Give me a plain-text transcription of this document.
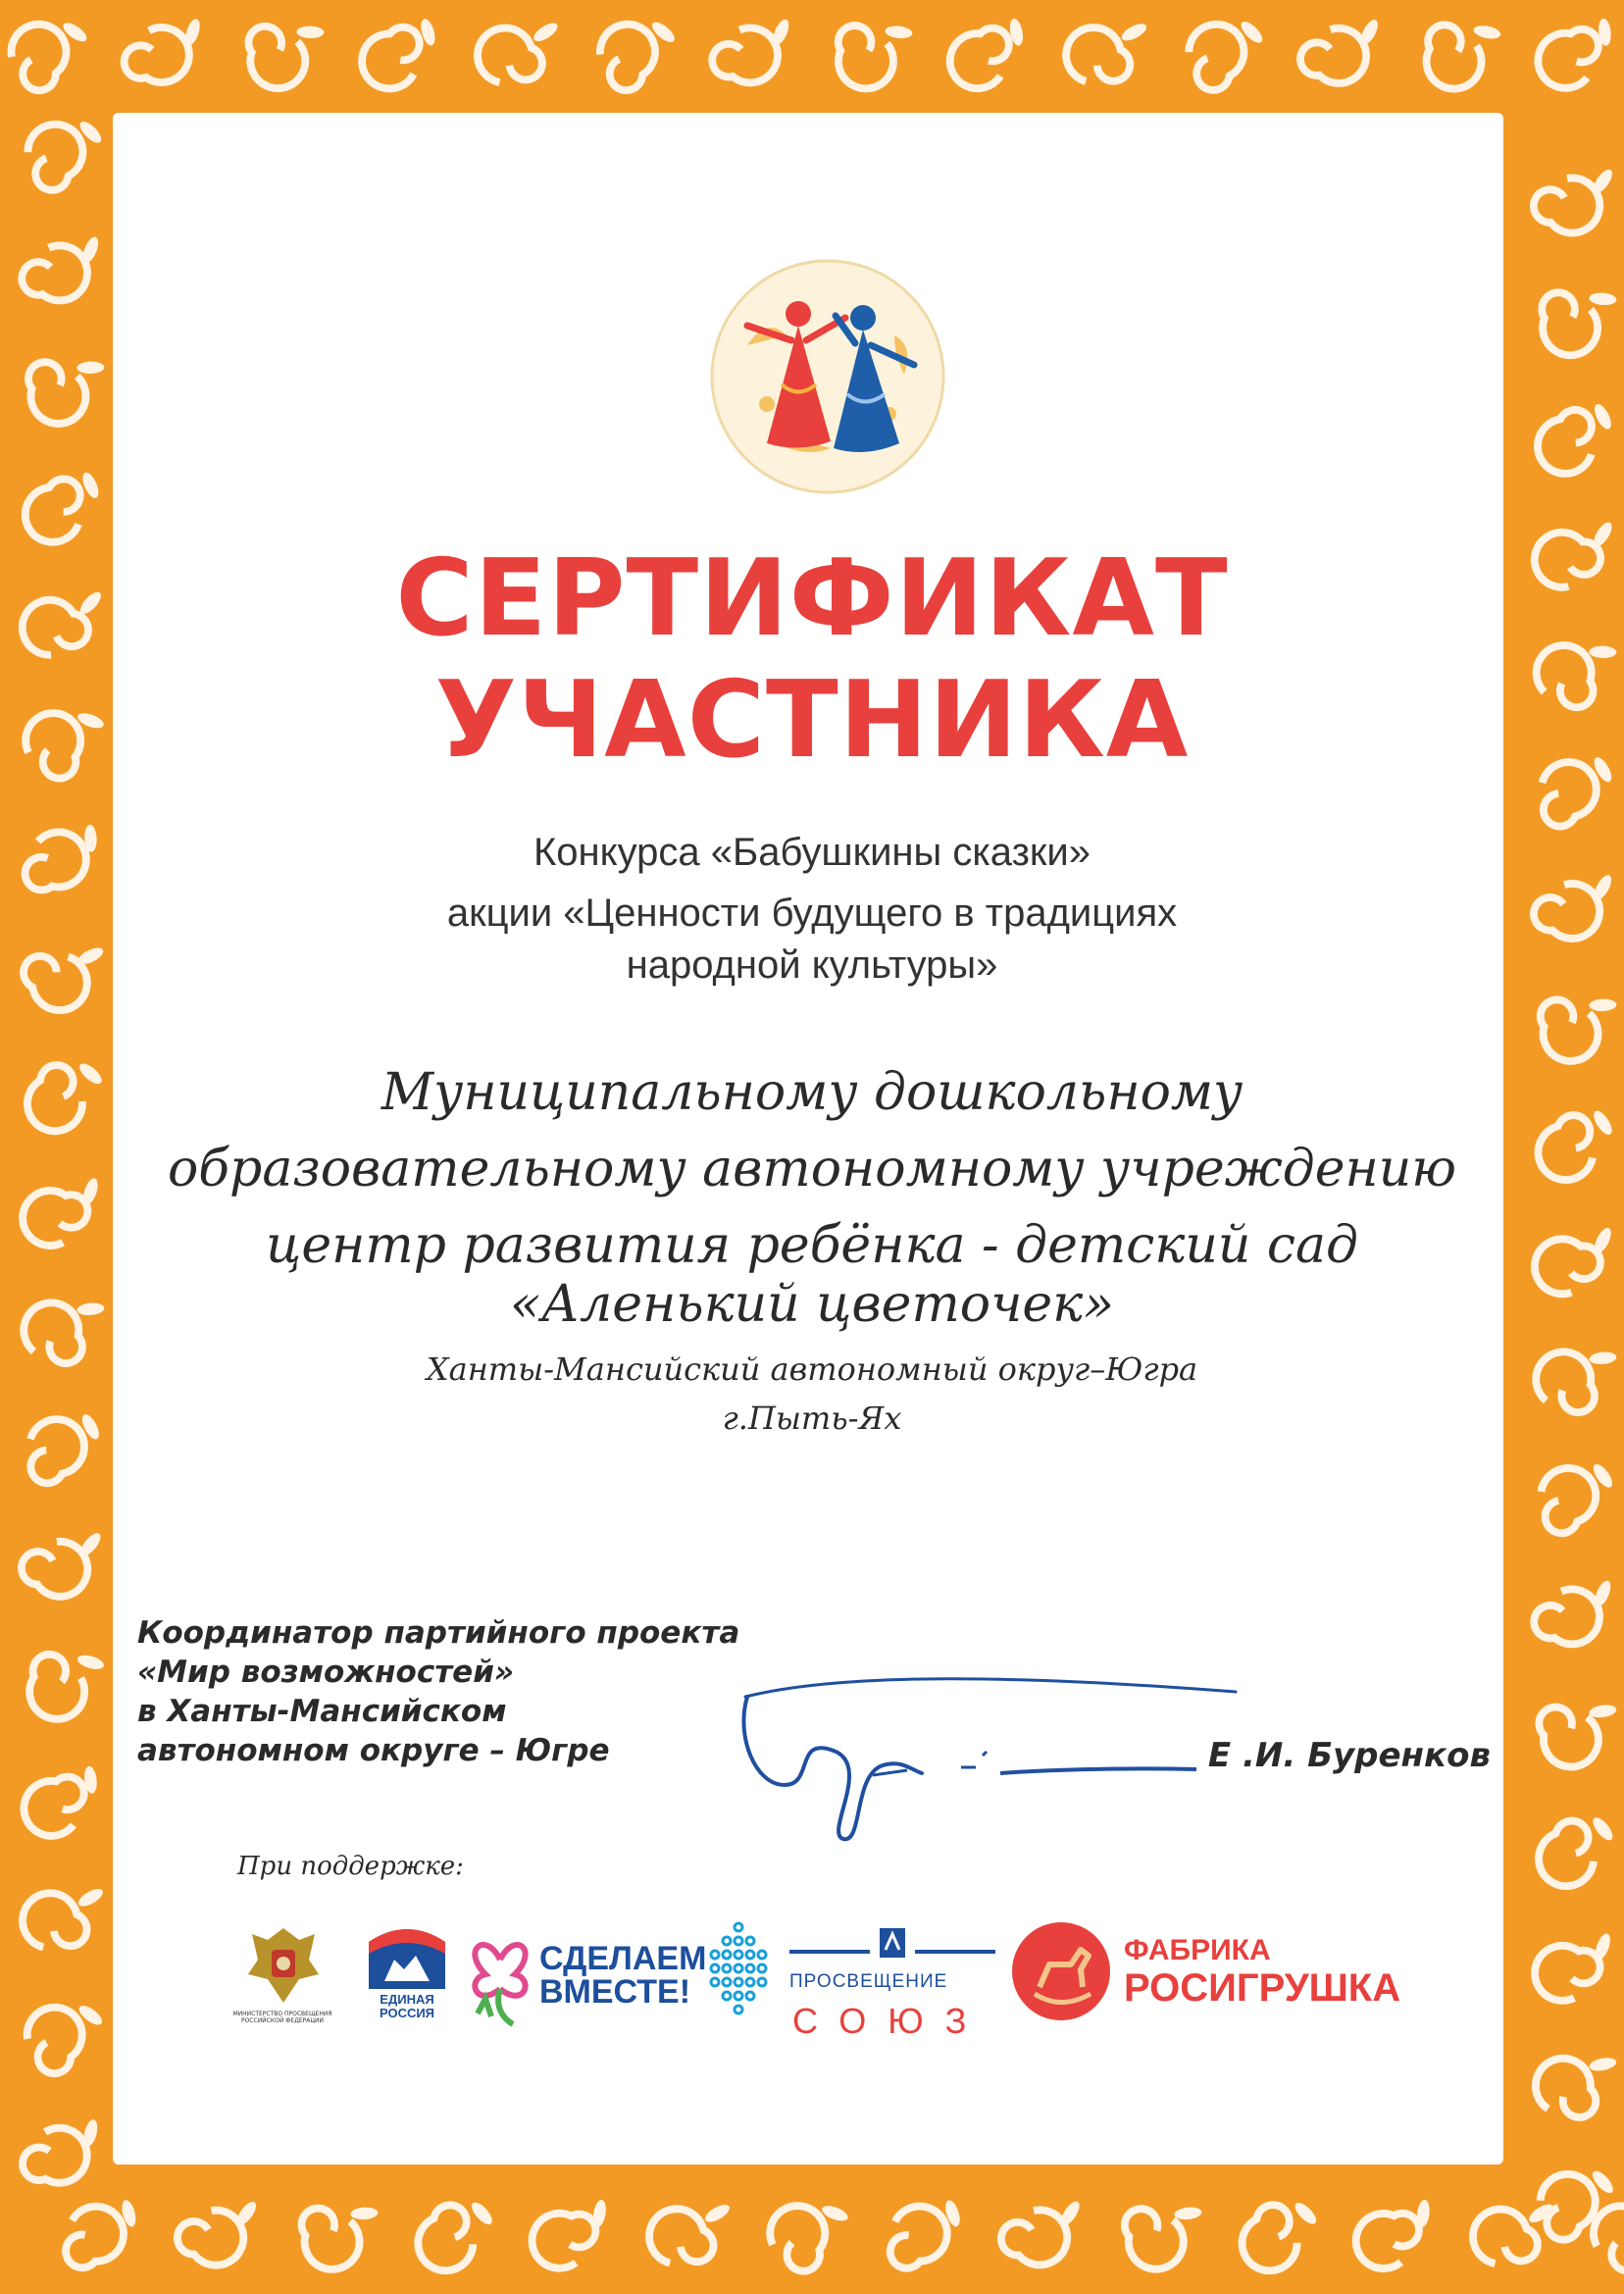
СЕРТИФИКАТ
УЧАСТНИКА
Конкурса «Бабушкины сказки»
акции «Ценности будущего в традициях
народной культуры»
Муниципальному дошкольному
образовательному автономному учреждению
центр развития ребёнка - детский сад
«Аленький цветочек»
Ханты-Мансийский автономный округ–Югра
г.Пыть-Ях
Координатор партийного проекта
«Мир возможностей»
в Ханты-Мансийском
автономном округе – Югре	Е .И. Буренков
При поддержке:
МИНИСТЕРСТВО ПРОСВЕЩЕНИЯ РОССИЙСКОЙ ФЕДЕРАЦИИ
ЕДИНАЯ
РОССИЯ
СДЕЛАЕМ
ВМЕСТЕ!	ПРОСВЕЩЕНИЕ
СОЮЗ
ФАБРИКА
РОСИГРУШКА
